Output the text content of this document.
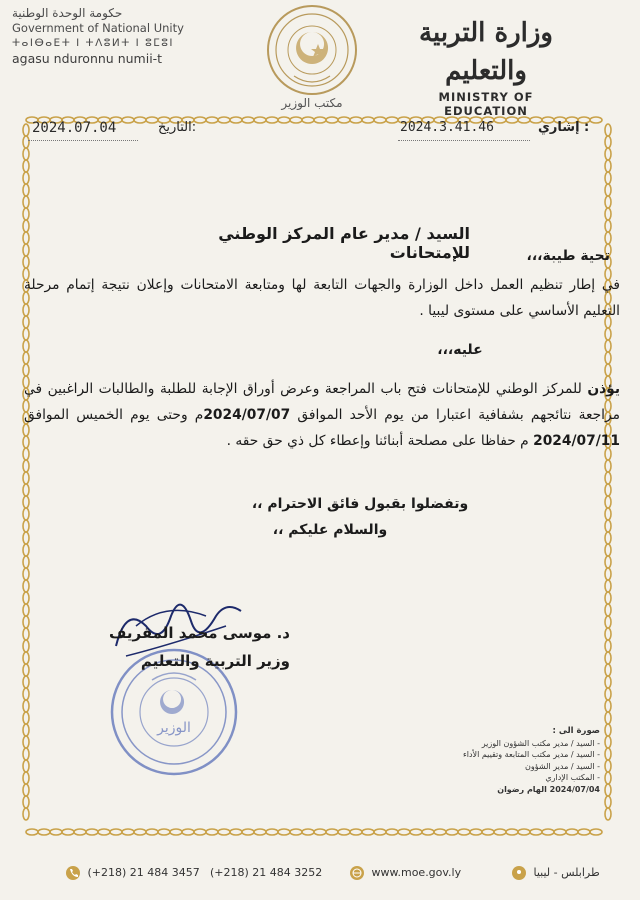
حكومة الوحدة الوطنية
Government of National Unity
ⵜⴰⵏⴱⴰⴹⵜ ⵏ ⵜⴷⵓⵍⵜ ⵏ ⵓⵎⵓⵏ
agasu nduronnu numii-t
مكتب الوزير
وزارة التربية والتعليم
MINISTRY OF EDUCATION
2024.07.04	التاريخ:	2024.3.41.46	إشاري :
السيد / مدير عام المركز الوطني للإمتحانات	تحية طيبة،،،
في إطار تنظيم العمل داخل الوزارة والجهات التابعة لها ومتابعة الامتحانات وإعلان نتيجة إتمام مرحلة التعليم الأساسي على مستوى ليبيا .
عليه،،،
يؤذن للمركز الوطني للإمتحانات فتح باب المراجعة وعرض أوراق الإجابة للطلبة والطالبات الراغبين في مراجعة نتائجهم بشفافية اعتبارا من يوم الأحد الموافق 2024/07/07م وحتى يوم الخميس الموافق 2024/07/11 م حفاظا على مصلحة أبنائنا وإعطاء كل ذي حق حقه .
وتفضلوا بقبول فائق الاحترام ،،
والسلام عليكم ،،
الوزير
د. موسى محمد المقريف
وزير التربية والتعليم
صورة الى :
- السيد / مدير مكتب الشؤون الوزير
- السيد / مدير مكتب المتابعة وتقييم الأداء
- السيد / مدير الشؤون
- المكتب الإداري
2024/07/04 الهام رضوان
(+218) 21 484 3457 (+218) 21 484 3252	www.moe.gov.ly	طرابلس - ليبيا
